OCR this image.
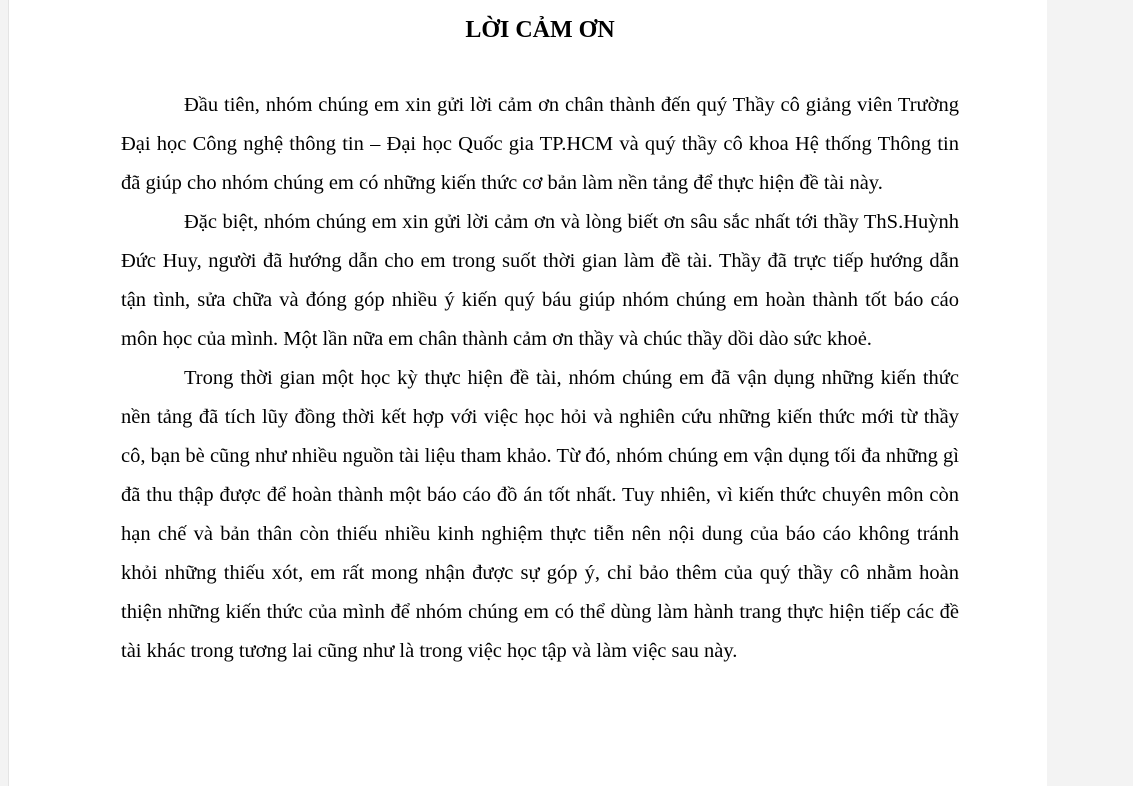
LỜI CẢM ƠN

Đầu tiên, nhóm chúng em xin gửi lời cảm ơn chân thành đến quý Thầy cô giảng viên Trường Đại học Công nghệ thông tin – Đại học Quốc gia TP.HCM và quý thầy cô khoa Hệ thống Thông tin đã giúp cho nhóm chúng em có những kiến thức cơ bản làm nền tảng để thực hiện đề tài này.

Đặc biệt, nhóm chúng em xin gửi lời cảm ơn và lòng biết ơn sâu sắc nhất tới thầy ThS.Huỳnh Đức Huy, người đã hướng dẫn cho em trong suốt thời gian làm đề tài. Thầy đã trực tiếp hướng dẫn tận tình, sửa chữa và đóng góp nhiều ý kiến quý báu giúp nhóm chúng em hoàn thành tốt báo cáo môn học của mình. Một lần nữa em chân thành cảm ơn thầy và chúc thầy dồi dào sức khoẻ.

Trong thời gian một học kỳ thực hiện đề tài, nhóm chúng em đã vận dụng những kiến thức nền tảng đã tích lũy đồng thời kết hợp với việc học hỏi và nghiên cứu những kiến thức mới từ thầy cô, bạn bè cũng như nhiều nguồn tài liệu tham khảo. Từ đó, nhóm chúng em vận dụng tối đa những gì đã thu thập được để hoàn thành một báo cáo đồ án tốt nhất. Tuy nhiên, vì kiến thức chuyên môn còn hạn chế và bản thân còn thiếu nhiều kinh nghiệm thực tiễn nên nội dung của báo cáo không tránh khỏi những thiếu xót, em rất mong nhận được sự góp ý, chỉ bảo thêm của quý thầy cô nhằm hoàn thiện những kiến thức của mình để nhóm chúng em có thể dùng làm hành trang thực hiện tiếp các đề tài khác trong tương lai cũng như là trong việc học tập và làm việc sau này.
